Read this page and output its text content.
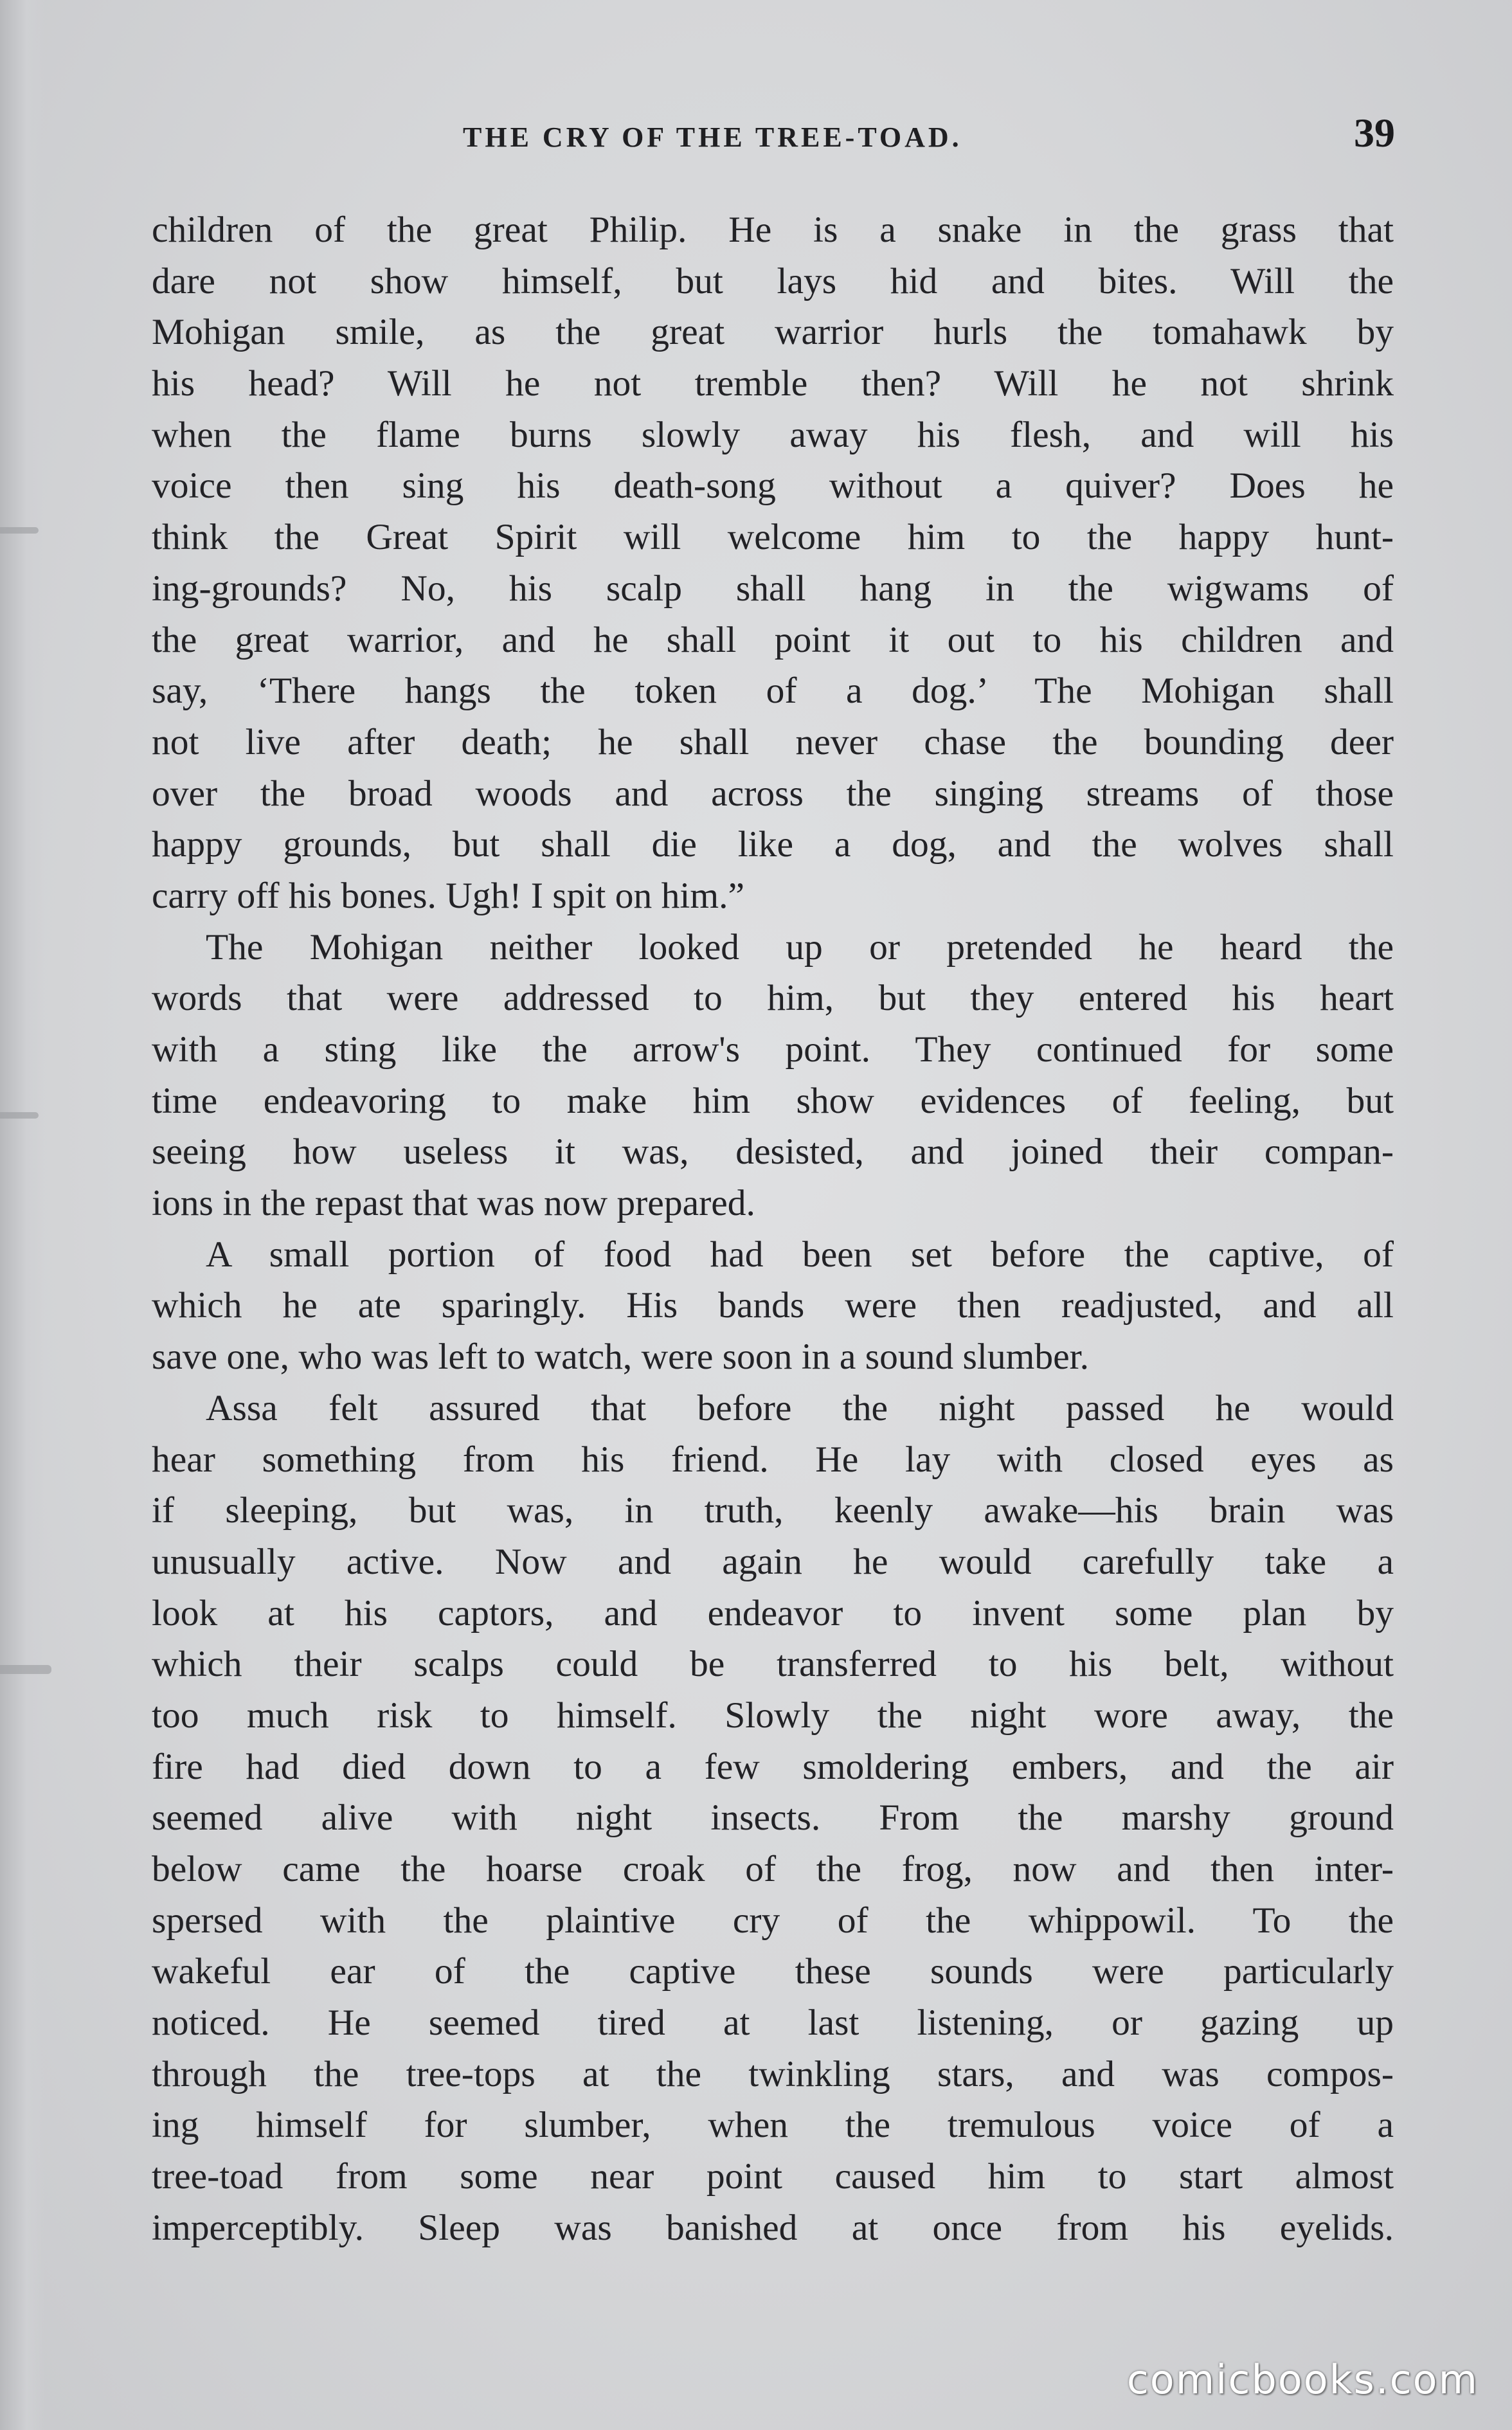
THE CRY OF THE TREE-TOAD.	39
children of the great Philip. He is a snake in the grass that
dare not show himself, but lays hid and bites. Will the
Mohigan smile, as the great warrior hurls the tomahawk by
his head? Will he not tremble then? Will he not shrink
when the flame burns slowly away his flesh, and will his
voice then sing his death-song without a quiver? Does he
think the Great Spirit will welcome him to the happy hunt-
ing-grounds? No, his scalp shall hang in the wigwams of
the great warrior, and he shall point it out to his children and
say, ‘There hangs the token of a dog.’ The Mohigan shall
not live after death; he shall never chase the bounding deer
over the broad woods and across the singing streams of those
happy grounds, but shall die like a dog, and the wolves shall
carry off his bones. Ugh! I spit on him.”
The Mohigan neither looked up or pretended he heard the
words that were addressed to him, but they entered his heart
with a sting like the arrow's point. They continued for some
time endeavoring to make him show evidences of feeling, but
seeing how useless it was, desisted, and joined their compan-
ions in the repast that was now prepared.
A small portion of food had been set before the captive, of
which he ate sparingly. His bands were then readjusted, and all
save one, who was left to watch, were soon in a sound slumber.
Assa felt assured that before the night passed he would
hear something from his friend. He lay with closed eyes as
if sleeping, but was, in truth, keenly awake—his brain was
unusually active. Now and again he would carefully take a
look at his captors, and endeavor to invent some plan by
which their scalps could be transferred to his belt, without
too much risk to himself. Slowly the night wore away, the
fire had died down to a few smoldering embers, and the air
seemed alive with night insects. From the marshy ground
below came the hoarse croak of the frog, now and then inter-
spersed with the plaintive cry of the whippowil. To the
wakeful ear of the captive these sounds were particularly
noticed. He seemed tired at last listening, or gazing up
through the tree-tops at the twinkling stars, and was compos-
ing himself for slumber, when the tremulous voice of a
tree-toad from some near point caused him to start almost
imperceptibly. Sleep was banished at once from his eyelids.
comicbooks.com
